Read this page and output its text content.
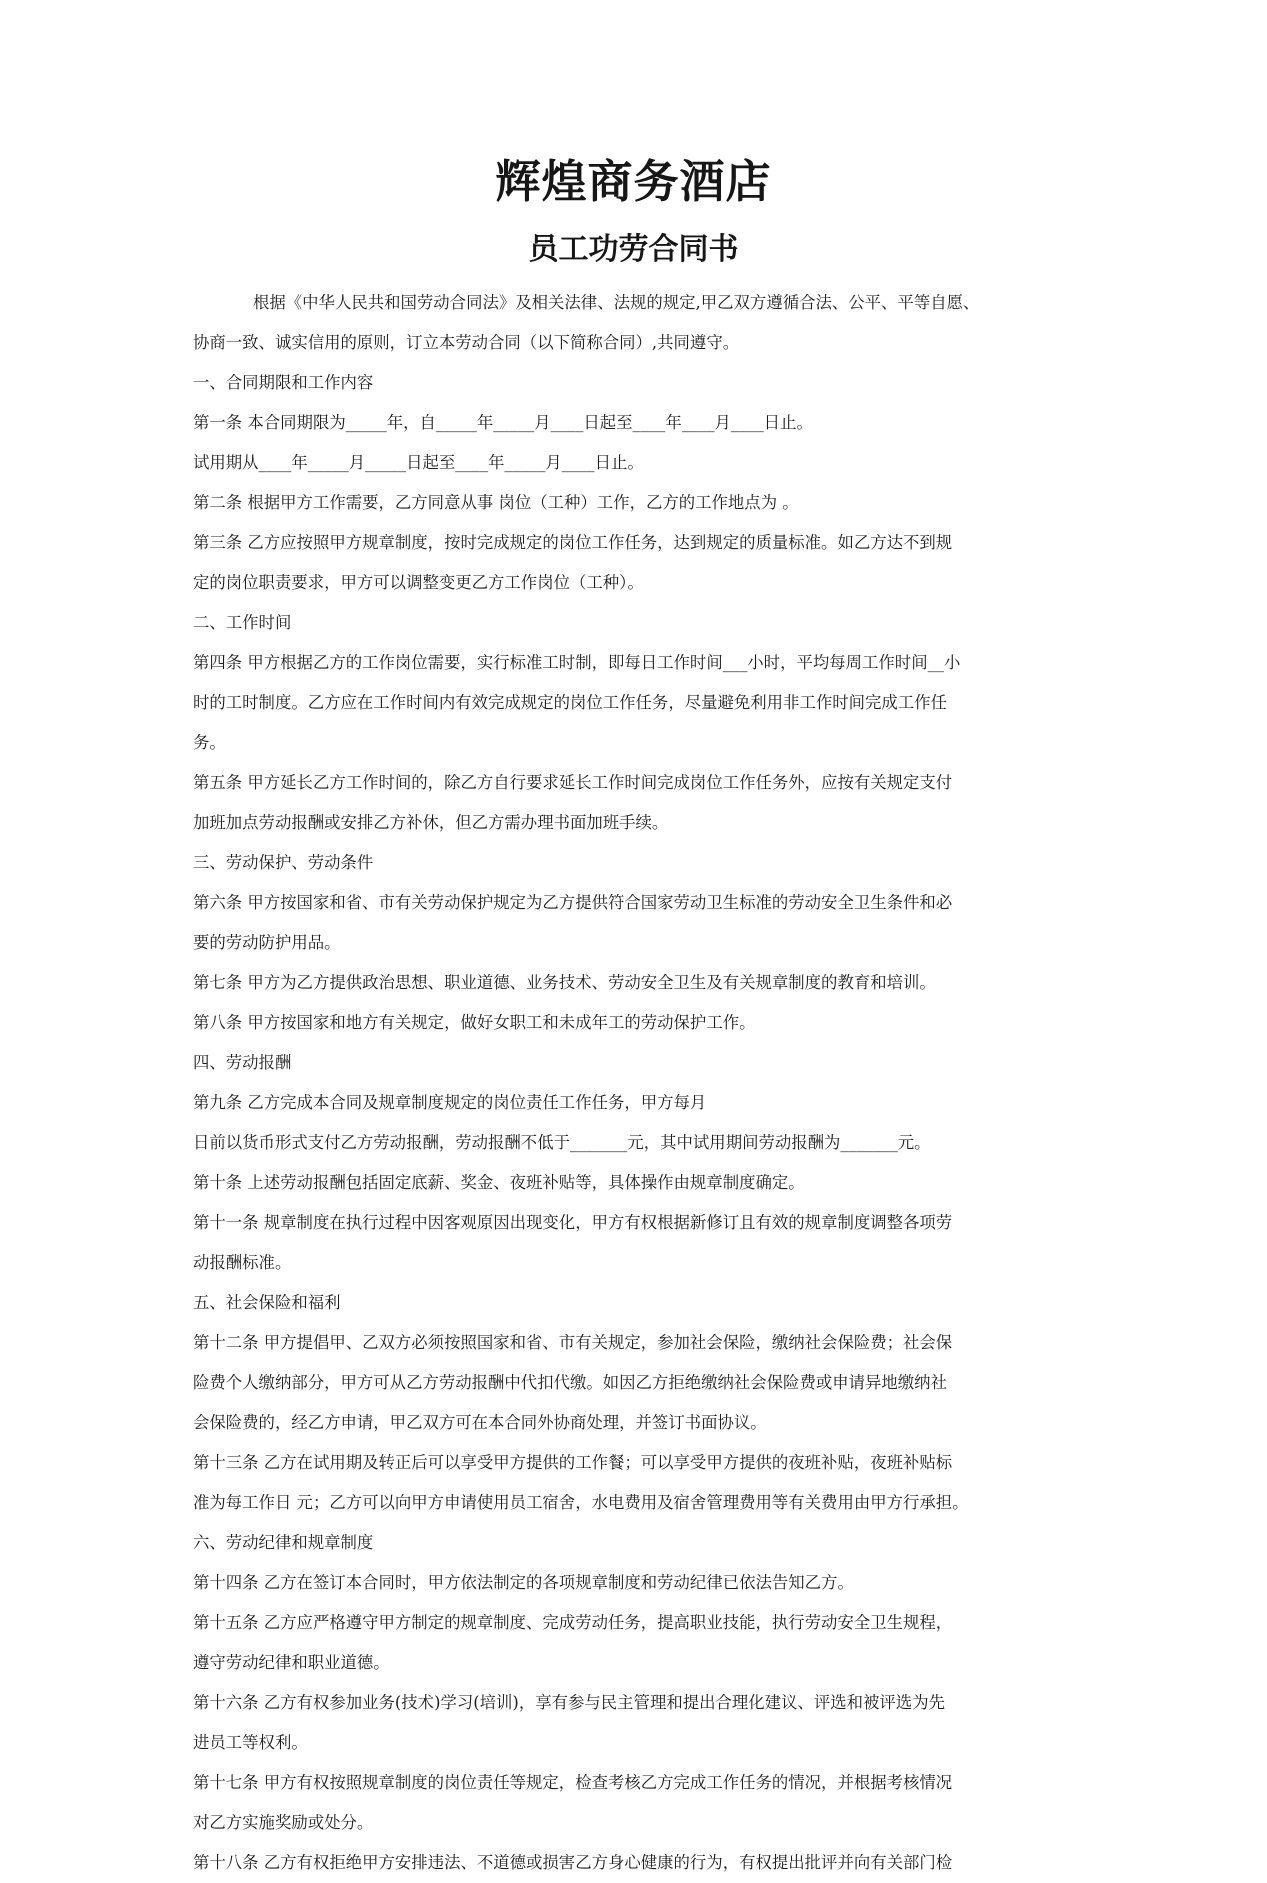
辉煌商务酒店
员工功劳合同书
根据《中华人民共和国劳动合同法》及相关法律、法规的规定,甲乙双方遵循合法、公平、平等自愿、
协商一致、诚实信用的原则，订立本劳动合同（以下简称合同）,共同遵守。
一、合同期限和工作内容
第一条 本合同期限为_____年，自_____年_____月____日起至____年____月____日止。
试用期从____年_____月_____日起至____年_____月____日止。
第二条 根据甲方工作需要，乙方同意从事 岗位（工种）工作，乙方的工作地点为 。
第三条 乙方应按照甲方规章制度，按时完成规定的岗位工作任务，达到规定的质量标准。如乙方达不到规
定的岗位职责要求，甲方可以调整变更乙方工作岗位（工种）。
二、工作时间
第四条 甲方根据乙方的工作岗位需要，实行标准工时制，即每日工作时间___小时，平均每周工作时间__小
时的工时制度。乙方应在工作时间内有效完成规定的岗位工作任务，尽量避免利用非工作时间完成工作任
务。
第五条 甲方延长乙方工作时间的，除乙方自行要求延长工作时间完成岗位工作任务外，应按有关规定支付
加班加点劳动报酬或安排乙方补休，但乙方需办理书面加班手续。
三、劳动保护、劳动条件
第六条 甲方按国家和省、市有关劳动保护规定为乙方提供符合国家劳动卫生标准的劳动安全卫生条件和必
要的劳动防护用品。
第七条 甲方为乙方提供政治思想、职业道德、业务技术、劳动安全卫生及有关规章制度的教育和培训。
第八条 甲方按国家和地方有关规定，做好女职工和未成年工的劳动保护工作。
四、劳动报酬
第九条 乙方完成本合同及规章制度规定的岗位责任工作任务，甲方每月
日前以货币形式支付乙方劳动报酬，劳动报酬不低于_______元，其中试用期间劳动报酬为_______元。
第十条 上述劳动报酬包括固定底薪、奖金、夜班补贴等，具体操作由规章制度确定。
第十一条 规章制度在执行过程中因客观原因出现变化，甲方有权根据新修订且有效的规章制度调整各项劳
动报酬标准。
五、社会保险和福利
第十二条 甲方提倡甲、乙双方必须按照国家和省、市有关规定，参加社会保险，缴纳社会保险费；社会保
险费个人缴纳部分，甲方可从乙方劳动报酬中代扣代缴。如因乙方拒绝缴纳社会保险费或申请异地缴纳社
会保险费的，经乙方申请，甲乙双方可在本合同外协商处理，并签订书面协议。
第十三条 乙方在试用期及转正后可以享受甲方提供的工作餐；可以享受甲方提供的夜班补贴，夜班补贴标
准为每工作日 元；乙方可以向甲方申请使用员工宿舍，水电费用及宿舍管理费用等有关费用由甲方行承担。
六、劳动纪律和规章制度
第十四条 乙方在签订本合同时，甲方依法制定的各项规章制度和劳动纪律已依法告知乙方。
第十五条 乙方应严格遵守甲方制定的规章制度、完成劳动任务，提高职业技能，执行劳动安全卫生规程，
遵守劳动纪律和职业道德。
第十六条 乙方有权参加业务(技术)学习(培训)，享有参与民主管理和提出合理化建议、评选和被评选为先
进员工等权利。
第十七条 甲方有权按照规章制度的岗位责任等规定，检查考核乙方完成工作任务的情况，并根据考核情况
对乙方实施奖励或处分。
第十八条 乙方有权拒绝甲方安排违法、不道德或损害乙方身心健康的行为，有权提出批评并向有关部门检
